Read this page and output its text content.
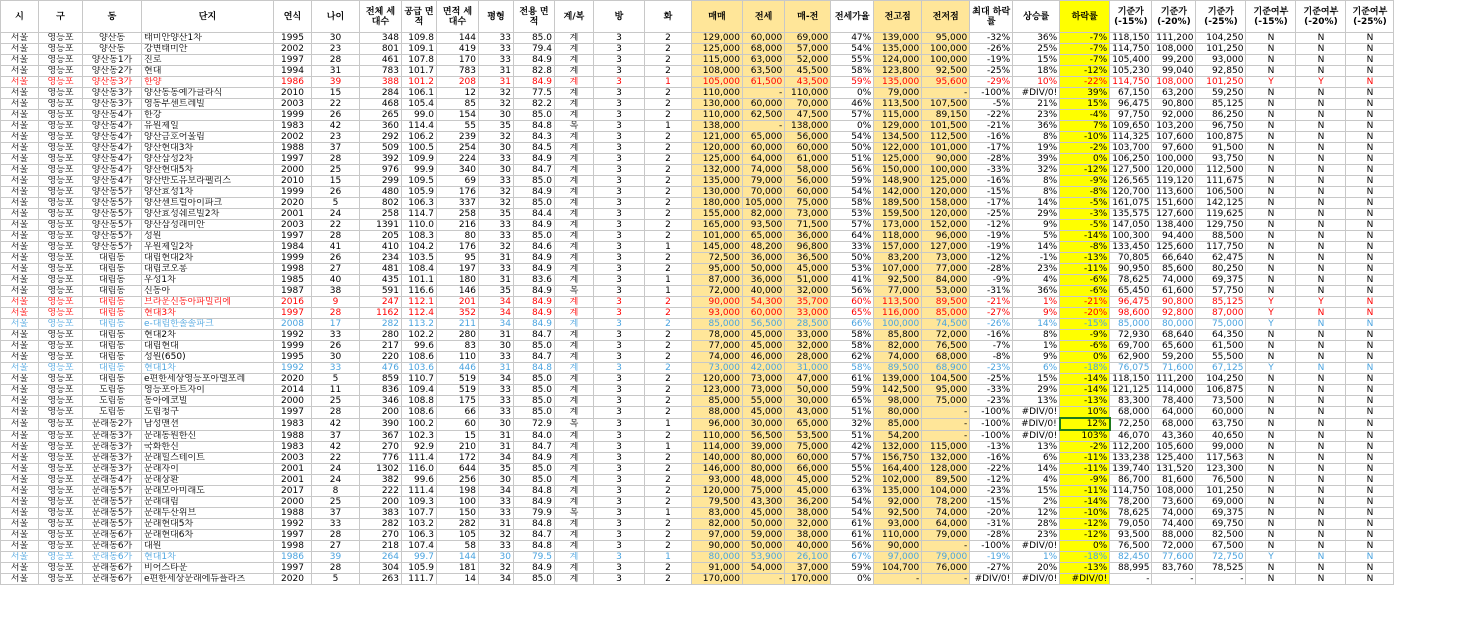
시	구	동	단지	연식	나이	전체 세대수	공급 면적	면적 세대수	평형	전용 면적	계/복	방	화	매매	전세	매-전	전세가율	전고점	전저점	최대 하락률	상승률	하락률	기준가 (-15%)	기준가 (-20%)	기준가 (-25%)	기준여부 (-15%)	기준여부 (-20%)	기준여부 (-25%)
서울	영등포	양산동	태미안양산1차	1995	30	348	109.8	144	33	85.0	계	3	2	129,000	60,000	69,000	47%	139,000	95,000	-32%	36%	-7%	118,150	111,200	104,250	N	N	N
서울	영등포	양산동	강변태미안	2002	23	801	109.1	419	33	79.4	계	3	2	125,000	68,000	57,000	54%	135,000	100,000	-26%	25%	-7%	114,750	108,000	101,250	N	N	N
서울	영등포	양산동1가	진로	1997	28	461	107.8	170	33	84.9	계	3	2	115,000	63,000	52,000	55%	124,000	100,000	-19%	15%	-7%	105,400	99,200	93,000	N	N	N
서울	영등포	양산동2가	현대	1994	31	783	101.7	783	31	82.8	계	3	2	108,000	63,500	45,500	58%	123,800	92,500	-25%	18%	-12%	105,230	99,040	92,850	N	N	N
서울	영등포	양산동3가	한양	1986	39	388	101.2	208	31	84.9	계	3	1	105,000	61,500	43,500	59%	135,000	95,600	-29%	10%	-22%	114,750	108,000	101,250	Y	Y	N
서울	영등포	양산동3가	양산동동예가클라식	2010	15	284	106.1	12	32	77.5	계	3	2	110,000	-	110,000	0%	79,000	-	-100%	#DIV/0!	39%	67,150	63,200	59,250	N	N	N
서울	영등포	양산동3가	영동부센트레빌	2003	22	468	105.4	85	32	82.2	계	3	2	130,000	60,000	70,000	46%	113,500	107,500	-5%	21%	15%	96,475	90,800	85,125	N	N	N
서울	영등포	양산동4가	한강	1999	26	265	99.0	154	30	85.0	계	3	2	110,000	62,500	47,500	57%	115,000	89,150	-22%	23%	-4%	97,750	92,000	86,250	N	N	N
서울	영등포	양산동4가	유원제일	1983	42	360	114.4	55	35	84.8	복	3	1	138,000	-	138,000	0%	129,000	101,500	-21%	36%	7%	109,650	103,200	96,750	N	N	N
서울	영등포	양산동4가	양산금호어울림	2002	23	292	106.2	239	32	84.3	계	3	2	121,000	65,000	56,000	54%	134,500	112,500	-16%	8%	-10%	114,325	107,600	100,875	N	N	N
서울	영등포	양산동4가	양산현대3차	1988	37	509	100.5	254	30	84.5	계	3	2	120,000	60,000	60,000	50%	122,000	101,000	-17%	19%	-2%	103,700	97,600	91,500	N	N	N
서울	영등포	양산동4가	양산삼성2차	1997	28	392	109.9	224	33	84.9	계	3	2	125,000	64,000	61,000	51%	125,000	90,000	-28%	39%	0%	106,250	100,000	93,750	N	N	N
서울	영등포	양산동4가	양산현대5차	2000	25	976	99.9	340	30	84.7	계	3	2	132,000	74,000	58,000	56%	150,000	100,000	-33%	32%	-12%	127,500	120,000	112,500	N	N	N
서울	영등포	양산동4가	양산반도유보라펠리스	2010	15	299	109.5	69	33	85.0	계	3	2	135,000	79,000	56,000	59%	148,900	125,000	-16%	8%	-9%	126,565	119,120	111,675	N	N	N
서울	영등포	양산동5가	양산효성1차	1999	26	480	105.9	176	32	84.9	계	3	2	130,000	70,000	60,000	54%	142,000	120,000	-15%	8%	-8%	120,700	113,600	106,500	N	N	N
서울	영등포	양산동5가	양산센트럴아이파크	2020	5	802	106.3	337	32	85.0	계	3	2	180,000	105,000	75,000	58%	189,500	158,000	-17%	14%	-5%	161,075	151,600	142,125	N	N	N
서울	영등포	양산동5가	양산효성쉐르빌2차	2001	24	258	114.7	258	35	84.4	계	3	2	155,000	82,000	73,000	53%	159,500	120,000	-25%	29%	-3%	135,575	127,600	119,625	N	N	N
서울	영등포	양산동5가	양산삼성래미안	2003	22	1391	110.0	216	33	84.9	계	3	2	165,000	93,500	71,500	57%	173,000	152,000	-12%	9%	-5%	147,050	138,400	129,750	N	N	N
서울	영등포	양산동5가	성원	1997	28	205	108.3	80	33	85.0	계	3	2	101,000	65,000	36,000	64%	118,000	96,000	-19%	5%	-14%	100,300	94,400	88,500	N	N	N
서울	영등포	양산동5가	우원제일2차	1984	41	410	104.2	176	32	84.6	계	3	1	145,000	48,200	96,800	33%	157,000	127,000	-19%	14%	-8%	133,450	125,600	117,750	N	N	N
서울	영등포	대림동	대림현대2차	1999	26	234	103.5	95	31	84.9	계	3	2	72,500	36,000	36,500	50%	83,200	73,000	-12%	-1%	-13%	70,805	66,640	62,475	N	N	N
서울	영등포	대림동	대림코오롱	1998	27	481	108.4	197	33	84.9	계	3	2	95,000	50,000	45,000	53%	107,000	77,000	-28%	23%	-11%	90,950	85,600	80,250	N	N	N
서울	영등포	대림동	우성1차	1985	40	435	101.1	180	31	83.6	계	3	1	87,000	36,000	51,000	41%	92,500	84,000	-9%	4%	-6%	78,625	74,000	69,375	N	N	N
서울	영등포	대림동	신동아	1987	38	591	116.6	146	35	84.9	복	3	1	72,000	40,000	32,000	56%	77,000	53,000	-31%	36%	-6%	65,450	61,600	57,750	N	N	N
서울	영등포	대림동	브라운신동아파밀리에	2016	9	247	112.1	201	34	84.9	계	3	2	90,000	54,300	35,700	60%	113,500	89,500	-21%	1%	-21%	96,475	90,800	85,125	Y	Y	N
서울	영등포	대림동	현대3차	1997	28	1162	112.4	352	34	84.9	계	3	2	93,000	60,000	33,000	65%	116,000	85,000	-27%	9%	-20%	98,600	92,800	87,000	Y	N	N
서울	영등포	대림동	e-대림한솔솔파크	2008	17	282	113.2	211	34	84.9	계	3	2	85,000	56,500	28,500	66%	100,000	74,500	-26%	14%	-15%	85,000	80,000	75,000	Y	N	N
서울	영등포	대림동	현대2차	1992	33	280	102.2	280	31	84.7	계	3	2	78,000	45,000	33,000	58%	85,800	72,000	-16%	8%	-9%	72,930	68,640	64,350	N	N	N
서울	영등포	대림동	대림현대	1999	26	217	99.6	83	30	85.0	계	3	2	77,000	45,000	32,000	58%	82,000	76,500	-7%	1%	-6%	69,700	65,600	61,500	N	N	N
서울	영등포	대림동	성원(650)	1995	30	220	108.6	110	33	84.7	계	3	2	74,000	46,000	28,000	62%	74,000	68,000	-8%	9%	0%	62,900	59,200	55,500	N	N	N
서울	영등포	대림동	현대1차	1992	33	476	103.6	446	31	84.8	계	3	2	73,000	42,000	31,000	58%	89,500	68,900	-23%	6%	-18%	76,075	71,600	67,125	Y	N	N
서울	영등포	대림동	e편한세상영등포아델포레	2020	5	859	110.7	519	34	85.0	계	3	2	120,000	73,000	47,000	61%	139,000	104,500	-25%	15%	-14%	118,150	111,200	104,250	N	N	N
서울	영등포	도림동	영등포아트자이	2014	11	836	109.4	519	33	85.0	계	3	2	123,000	73,000	50,000	59%	142,500	95,000	-33%	29%	-14%	121,125	114,000	106,875	N	N	N
서울	영등포	도림동	동아에코빌	2000	25	346	108.8	175	33	85.0	계	3	2	85,000	55,000	30,000	65%	98,000	75,000	-23%	13%	-13%	83,300	78,400	73,500	N	N	N
서울	영등포	도림동	도림청구	1997	28	200	108.6	66	33	85.0	계	3	2	88,000	45,000	43,000	51%	80,000	-	-100%	#DIV/0!	10%	68,000	64,000	60,000	N	N	N
서울	영등포	문래동2가	남성맨션	1983	42	390	100.2	60	30	72.9	복	3	1	96,000	30,000	65,000	32%	85,000	-	-100%	#DIV/0!	12%	72,250	68,000	63,750	N	N	N
서울	영등포	문래동3가	문래동원한신	1988	37	367	102.3	15	31	84.0	계	3	2	110,000	56,500	53,500	51%	54,200	-	-100%	#DIV/0!	103%	46,070	43,360	40,650	N	N	N
서울	영등포	문래동3가	국화한신	1983	42	270	92.9	210	31	84.7	계	3	1	114,000	39,000	75,000	42%	132,000	115,000	-13%	13%	-2%	112,200	105,600	99,000	N	N	N
서울	영등포	문래동3가	문래힐스테이트	2003	22	776	111.4	172	34	84.9	계	3	2	140,000	80,000	60,000	57%	156,750	132,000	-16%	6%	-11%	133,238	125,400	117,563	N	N	N
서울	영등포	문래동3가	문래자이	2001	24	1302	116.0	644	35	85.0	계	3	2	146,000	80,000	66,000	55%	164,400	128,000	-22%	14%	-11%	139,740	131,520	123,300	N	N	N
서울	영등포	문래동4가	문래상환	2001	24	382	99.6	256	30	85.0	계	3	2	93,000	48,000	45,000	52%	102,000	89,500	-12%	4%	-9%	86,700	81,600	76,500	N	N	N
서울	영등포	문래동5가	문래모아미래도	2017	8	222	111.4	198	34	84.8	계	3	2	120,000	75,000	45,000	63%	135,000	104,000	-23%	15%	-11%	114,750	108,000	101,250	N	N	N
서울	영등포	문래동5가	문래대림	2000	25	200	109.3	100	33	84.9	계	3	2	79,500	43,300	36,200	54%	92,000	78,200	-15%	2%	-14%	78,200	73,600	69,000	N	N	N
서울	영등포	문래동5가	문래두산위브	1988	37	383	107.7	150	33	79.9	복	3	1	83,000	45,000	38,000	54%	92,500	74,000	-20%	12%	-10%	78,625	74,000	69,375	N	N	N
서울	영등포	문래동5가	문래현대5차	1992	33	282	103.2	282	31	84.8	계	3	2	82,000	50,000	32,000	61%	93,000	64,000	-31%	28%	-12%	79,050	74,400	69,750	N	N	N
서울	영등포	문래동6가	문래현대6차	1997	28	270	106.3	105	32	84.7	계	3	2	97,000	59,000	38,000	61%	110,000	79,000	-28%	23%	-12%	93,500	88,000	82,500	N	N	N
서울	영등포	문래동6가	대원	1998	27	218	107.4	58	33	84.8	계	3	2	90,000	50,000	40,000	56%	90,000	-	-100%	#DIV/0!	0%	76,500	72,000	67,500	N	N	N
서울	영등포	문래동6가	현대1차	1986	39	264	99.7	144	30	79.5	계	3	1	80,000	53,900	26,100	67%	97,000	79,000	-19%	1%	-18%	82,450	77,600	72,750	Y	N	N
서울	영등포	문래동6가	비어스타운	1997	28	304	105.9	181	32	84.9	계	3	2	91,000	54,000	37,000	59%	104,700	76,000	-27%	20%	-13%	88,995	83,760	78,525	N	N	N
서울	영등포	문래동6가	e편한세상문래에듀플라츠	2020	5	263	111.7	14	34	85.0	계	3	2	170,000	-	170,000	0%	-	-	#DIV/0!	#DIV/0!	#DIV/0!	-	-	-	N	N	N
